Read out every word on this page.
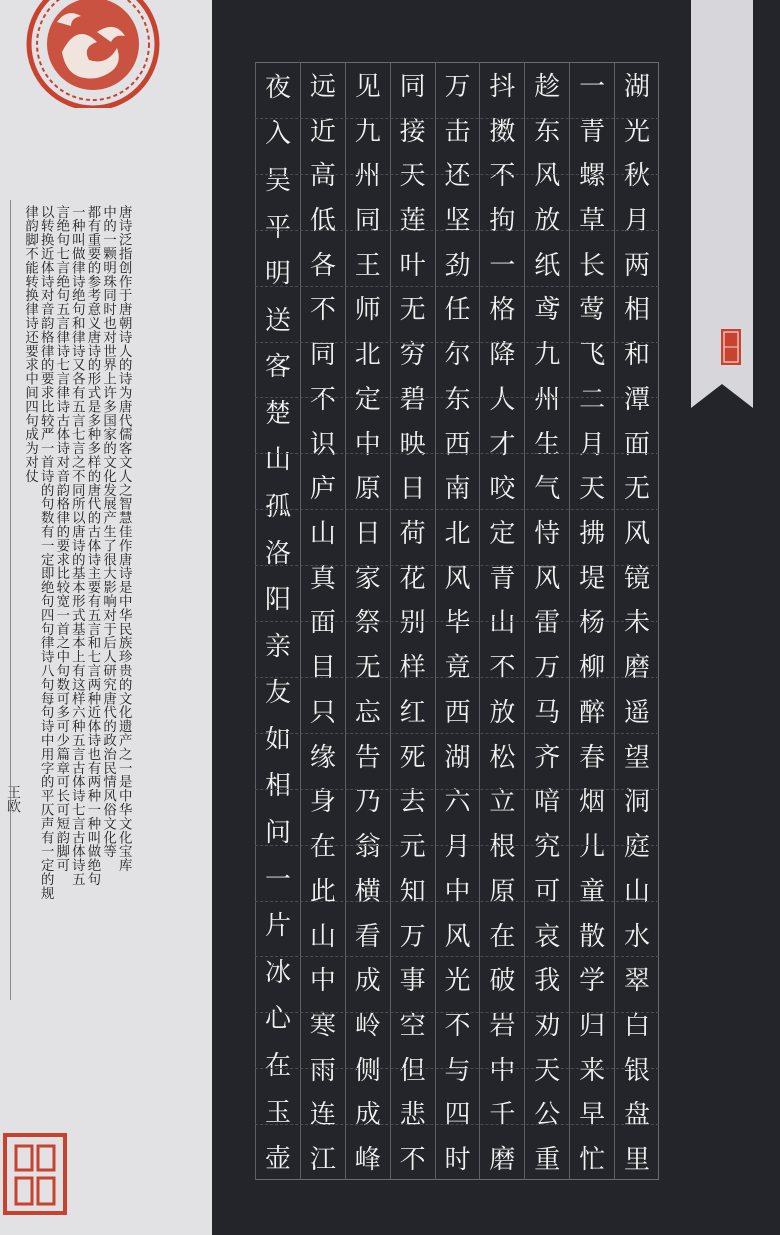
唐诗泛指创作于唐朝诗人的诗为唐代儒客文人之智慧佳作唐诗是中华民族珍贵的文化遗产之一是中华文化宝库
中的一颗明珠同时也对世界上许多国家的文化发展产生了很大影响对于后人研究唐代的政治民情风俗文化等
都有重要的参考意义唐诗的形式是多种多样的唐代的古体诗主要有五言和七言两种近体诗也有两种一种叫做绝句
一种叫做律诗绝句和律诗又各有五言七言之不同所以唐诗的基本形式基本上有这样六种五言古体诗七言古体诗五
言绝句七言绝句五言律诗七言律诗古体诗对音韵格律的要求比较宽一首之中句数可多可少篇章可长可短韵脚可
以转换近体诗对音韵格律的要求比较严一首诗的句数有一定即绝句四句律诗八句每句诗中用字的平仄声有一定的规
律韵脚不能转换律诗还要求中间四句成为对仗
王欧
湖
光
秋
月
两
相
和
潭
面
无
风
镜
未
磨
遥
望
洞
庭
山
水
翠
白
银
盘
里
一
青
螺
草
长
莺
飞
二
月
天
拂
堤
杨
柳
醉
春
烟
儿
童
散
学
归
来
早
忙
趁
东
风
放
纸
鸢
九
州
生
气
恃
风
雷
万
马
齐
喑
究
可
哀
我
劝
天
公
重
抖
擞
不
拘
一
格
降
人
才
咬
定
青
山
不
放
松
立
根
原
在
破
岩
中
千
磨
万
击
还
坚
劲
任
尔
东
西
南
北
风
毕
竟
西
湖
六
月
中
风
光
不
与
四
时
同
接
天
莲
叶
无
穷
碧
映
日
荷
花
别
样
红
死
去
元
知
万
事
空
但
悲
不
见
九
州
同
王
师
北
定
中
原
日
家
祭
无
忘
告
乃
翁
横
看
成
岭
侧
成
峰
远
近
高
低
各
不
同
不
识
庐
山
真
面
目
只
缘
身
在
此
山
中
寒
雨
连
江
夜
入
吴
平
明
送
客
楚
山
孤
洛
阳
亲
友
如
相
问
一
片
冰
心
在
玉
壶
